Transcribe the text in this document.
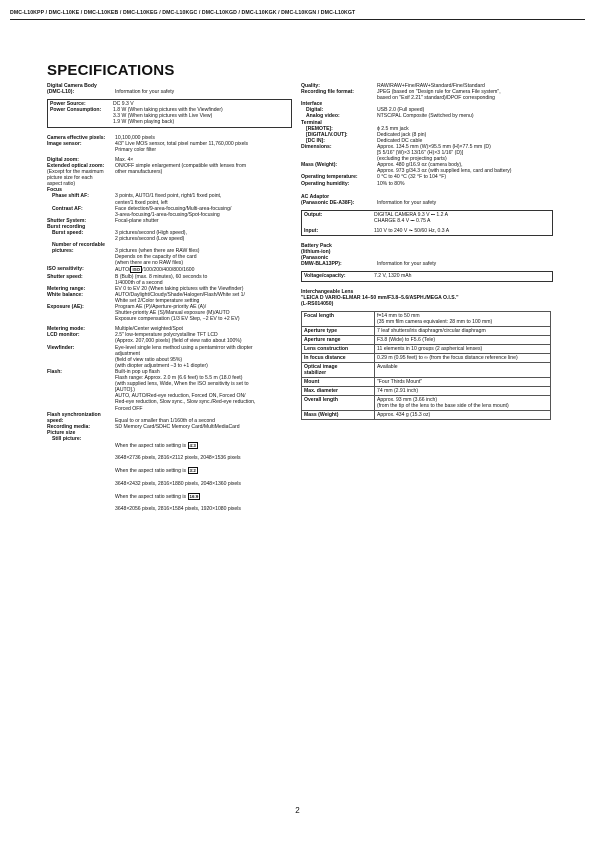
DMC-L10KPP / DMC-L10KE / DMC-L10KEB / DMC-L10KEG / DMC-L10KGC / DMC-L10KGD / DMC-L10KGK / DMC-L10KGN / DMC-L10KGT
SPECIFICATIONS
Digital Camera Body
(DMC-L10):	Information for your safety
Power Source:	DC 9.3 V
Power Consumption:	1.8 W (When taking pictures with the Viewfinder)
3.3 W (When taking pictures with Live View)
1.9 W (When playing back)
Camera effective pixels:	10,100,000 pixels
Image sensor:	4/3" Live MOS sensor, total pixel number 11,760,000 pixels
Primary color filter
Digital zoom:	Max. 4×
Extended optical zoom:	ON/OFF simple enlargement (compatible with lenses from
(Except for the maximum
picture size for each
aspect ratio)
other manufacturers)
Focus
Phase shift AF:	3 points, AUTO/1 fixed point, right/1 fixed point,
center/1 fixed point, left
Contrast AF:	Face detection/9-area-focusing/Multi-area-focusing/
3-area-focusing/1-area-focusing/Spot-focusing
Shutter System:	Focal-plane shutter
Burst recording
Burst speed:	3 pictures/second (High speed),
2 pictures/second (Low speed)
Number of recordable
pictures:	3 pictures (when there are RAW files)
Depends on the capacity of the card
(when there are no RAW files)
ISO sensitivity:	AUTO/ ISO /100/200/400/800/1600
Shutter speed:	B (Bulb) (max. 8 minutes), 60 seconds to
1/4000th of a second
Metering range:	EV 0 to EV 20 (When taking pictures with the Viewfinder)
White balance:	AUTO/Daylight/Cloudy/Shade/Halogen/Flash/White set 1/
White set 2/Color temperature setting
Exposure (AE):	Program AE (P)/Aperture-priority AE (A)/
Shutter-priority AE (S)/Manual exposure (M)/AUTO
Exposure compensation (1/3 EV Step, −2 EV to +2 EV)
Metering mode:	Multiple/Center weighted/Spot
LCD monitor:	2.5" low-temperature polycrystalline TFT LCD
(Approx. 207,000 pixels) (field of view ratio about 100%)
Viewfinder:	Eye-level single lens method using a pentamirror with diopter
adjustment
(field of view ratio about 95%)
(with diopter adjustment −3 to +1 diopter)
Flash:	Built-in pop up flash
Flash range: Approx. 2.0 m (6.6 feet) to 5.5 m (18.0 feet)
(with supplied lens, Wide, When the ISO sensitivity is set to
[AUTO].)
AUTO, AUTO/Red-eye reduction, Forced ON, Forced ON/
Red-eye reduction, Slow sync., Slow sync./Red-eye reduction,
Forced OFF
Flash synchronization
speed:	Equal to or smaller than 1/160th of a second
Recording media:	SD Memory Card/SDHC Memory Card/MultiMediaCard
Picture size
Still picture:

When the aspect ratio setting is 4:3

3648×2736 pixels, 2816×2112 pixels, 2048×1536 pixels

When the aspect ratio setting is 3:2

3648×2432 pixels, 2816×1880 pixels, 2048×1360 pixels

When the aspect ratio setting is 16:9

3648×2056 pixels, 2816×1584 pixels, 1920×1080 pixels

Quality:	RAW/RAW+Fine/RAW+Standard/Fine/Standard
Recording file format:	JPEG (based on "Design rule for Camera File system",
based on "Exif 2.21" standard)/DPOF corresponding
Interface
Digital:	USB 2.0 (Full speed)
Analog video:	NTSC/PAL Composite (Switched by menu)
Terminal
[REMOTE]:	ϕ 2.5 mm jack
[DIGITAL/V.OUT]:	Dedicated jack (8 pin)
[DC IN]:	Dedicated DC cable
Dimensions:	Approx. 134.5 mm (W)×95.5 mm (H)×77.5 mm (D)
[5 5/16" (W)×3 13/16" (H)×3 1/16" (D)]
(excluding the projecting parts)
Mass (Weight):	Approx. 480 g/16.9 oz (camera body),
Approx. 973 g/34.3 oz (with supplied lens, card and battery)
Operating temperature:	0 °C to 40 °C (32 °F to 104 °F)
Operating humidity:	10% to 80%
AC Adaptor
(Panasonic DE-A38F):	Information for your safety
Output:	DIGITAL CAMERA 9.3 V ⎓ 1.2 A
CHARGE 8.4 V ⎓ 0.75 A
Input:	110 V to 240 V ⏦ 50/60 Hz, 0.3 A
Battery Pack
(lithium-ion)
(Panasonic
DMW-BLA13PP):	Information for your safety
Voltage/capacity:	7.2 V, 1320 mAh
Interchangeable Lens
"LEICA D VARIO-ELMAR 14–50 mm/F3.8–5.6/ASPH./MEGA O.I.S."
(L-RS014050)
Focal length	f=14 mm to 50 mm
(35 mm film camera equivalent: 28 mm to 100 mm)
Aperture type	7 leaf shutters/iris diaphragm/circular diaphragm
Aperture range	F3.8 (Wide) to F5.6 (Tele)
Lens construction	11 elements in 10 groups (2 aspherical lenses)
In focus distance	0.29 m (0.95 feet) to ∞ (from the focus distance reference line)
Optical image
stabilizer	Available
Mount	"Four Thirds Mount"
Max. diameter	74 mm (2.91 inch)
Overall length	Approx. 93 mm (3.66 inch)
(from the tip of the lens to the base side of the lens mount)
Mass (Weight)	Approx. 434 g (15.3 oz)
2
